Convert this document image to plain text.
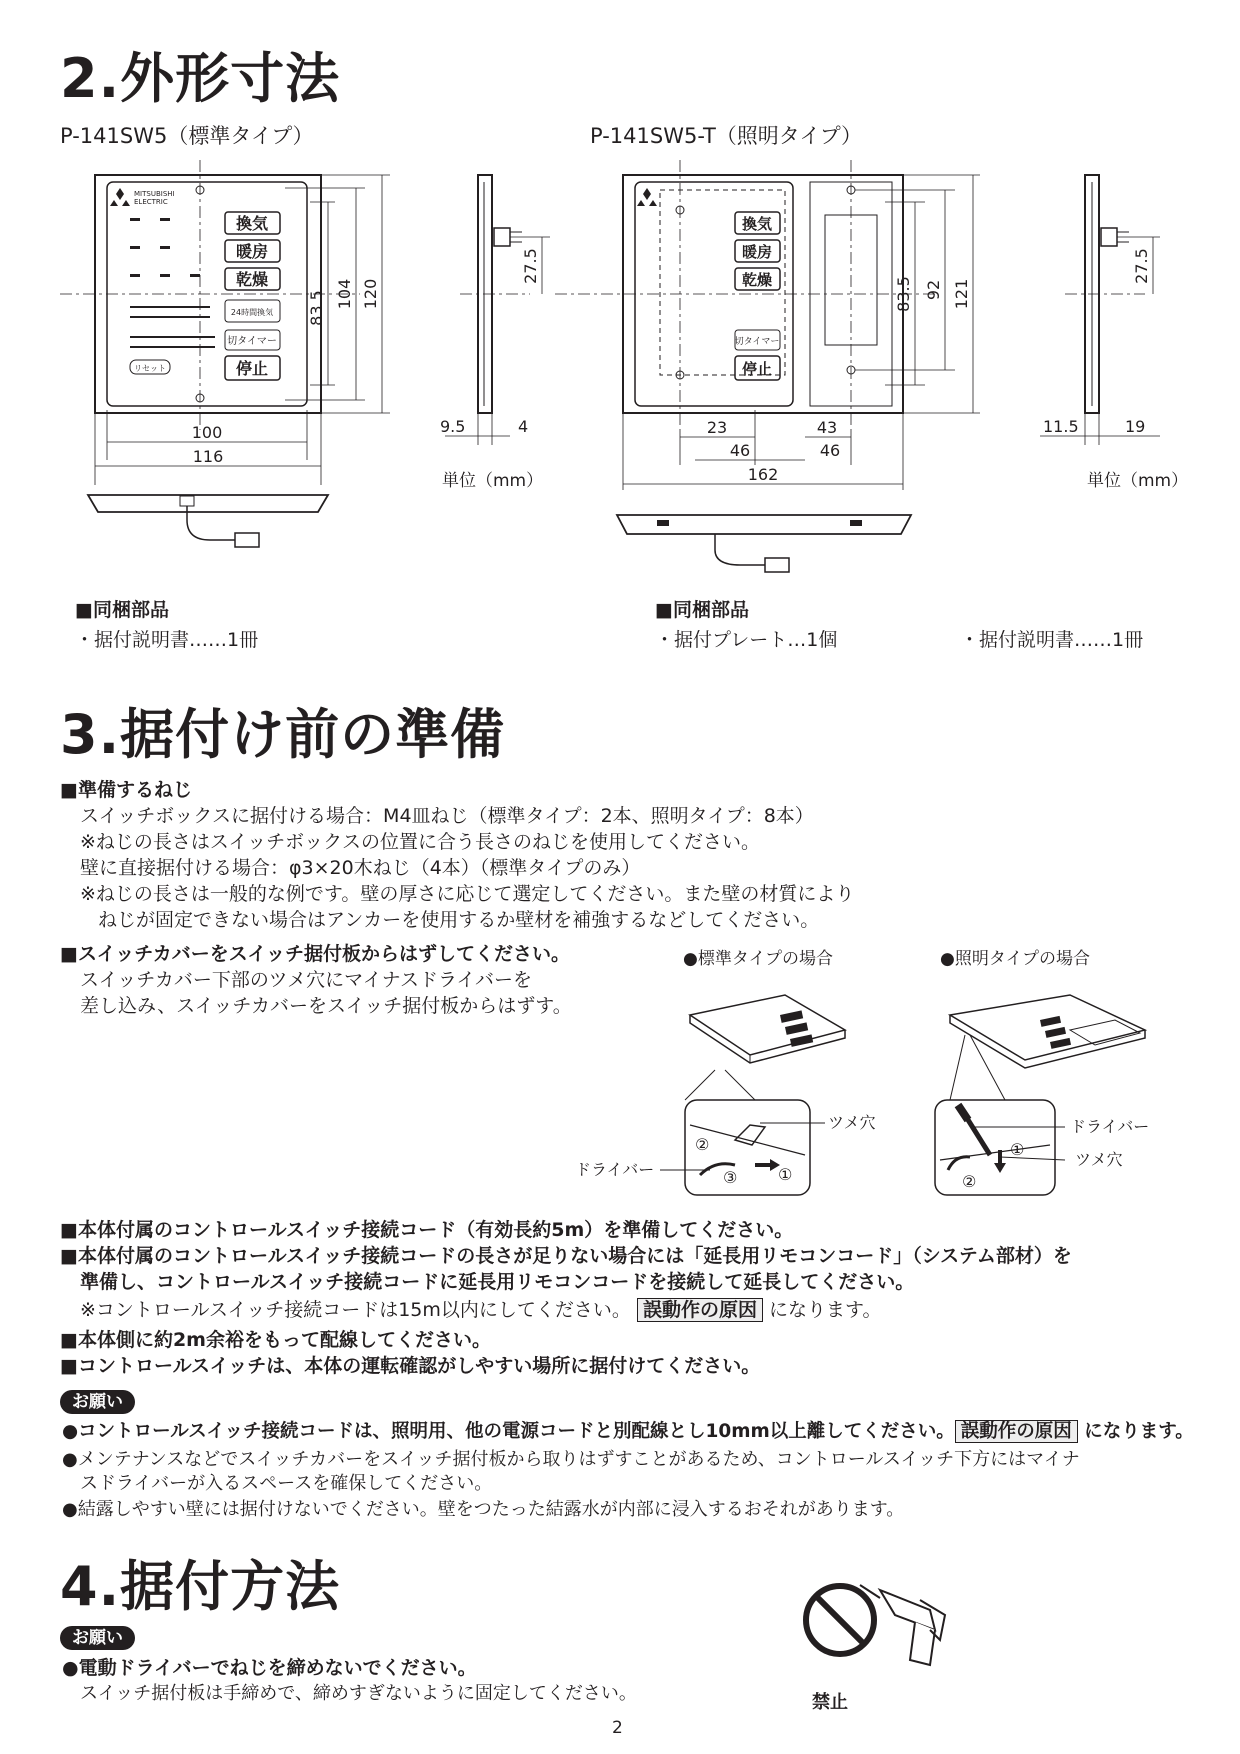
2.外形寸法
P-141SW5（標準タイプ）	P-141SW5-T（照明タイプ）
MITSUBISHI
ELECTRIC
換気
暖房
乾燥
24時間換気
切タイマー
停止
リセット
83.5 104 120
100
116
27.5
9.5	4
単位（mm）
換気
暖房
乾燥
切タイマー
停止
83.5 92 121
23	43
46	46
162
27.5
11.5	19
単位（mm）
■同梱部品
・据付説明書……1冊
■同梱部品
・据付プレート…1個	・据付説明書……1冊
3.据付け前の準備
■準備するねじ
スイッチボックスに据付ける場合：M4皿ねじ（標準タイプ：2本、照明タイプ：8本）
※ねじの長さはスイッチボックスの位置に合う長さのねじを使用してください。
壁に直接据付ける場合：φ3×20木ねじ（4本）（標準タイプのみ）
※ねじの長さは一般的な例です。壁の厚さに応じて選定してください。また壁の材質により
ねじが固定できない場合はアンカーを使用するか壁材を補強するなどしてください。
■スイッチカバーをスイッチ据付板からはずしてください。
スイッチカバー下部のツメ穴にマイナスドライバーを
差し込み、スイッチカバーをスイッチ据付板からはずす。
●標準タイプの場合	●照明タイプの場合
ツメ穴
ドライバー
②
③	①
ドライバー
ツメ穴
①
②
■本体付属のコントロールスイッチ接続コード（有効長約5m）を準備してください。
■本体付属のコントロールスイッチ接続コードの長さが足りない場合には「延長用リモコンコード」（システム部材）を
準備し、コントロールスイッチ接続コードに延長用リモコンコードを接続して延長してください。
※コントロールスイッチ接続コードは15m以内にしてください。 誤動作の原因 になります。
■本体側に約2m余裕をもって配線してください。
■コントロールスイッチは、本体の運転確認がしやすい場所に据付けてください。
お願い
●コントロールスイッチ接続コードは、照明用、他の電源コードと別配線とし10mm以上離してください。 誤動作の原因 になります。
●メンテナンスなどでスイッチカバーをスイッチ据付板から取りはずすことがあるため、コントロールスイッチ下方にはマイナ
スドライバーが入るスペースを確保してください。
●結露しやすい壁には据付けないでください。壁をつたった結露水が内部に浸入するおそれがあります。
4.据付方法
お願い
●電動ドライバーでねじを締めないでください。
スイッチ据付板は手締めで、締めすぎないように固定してください。	禁止
2
